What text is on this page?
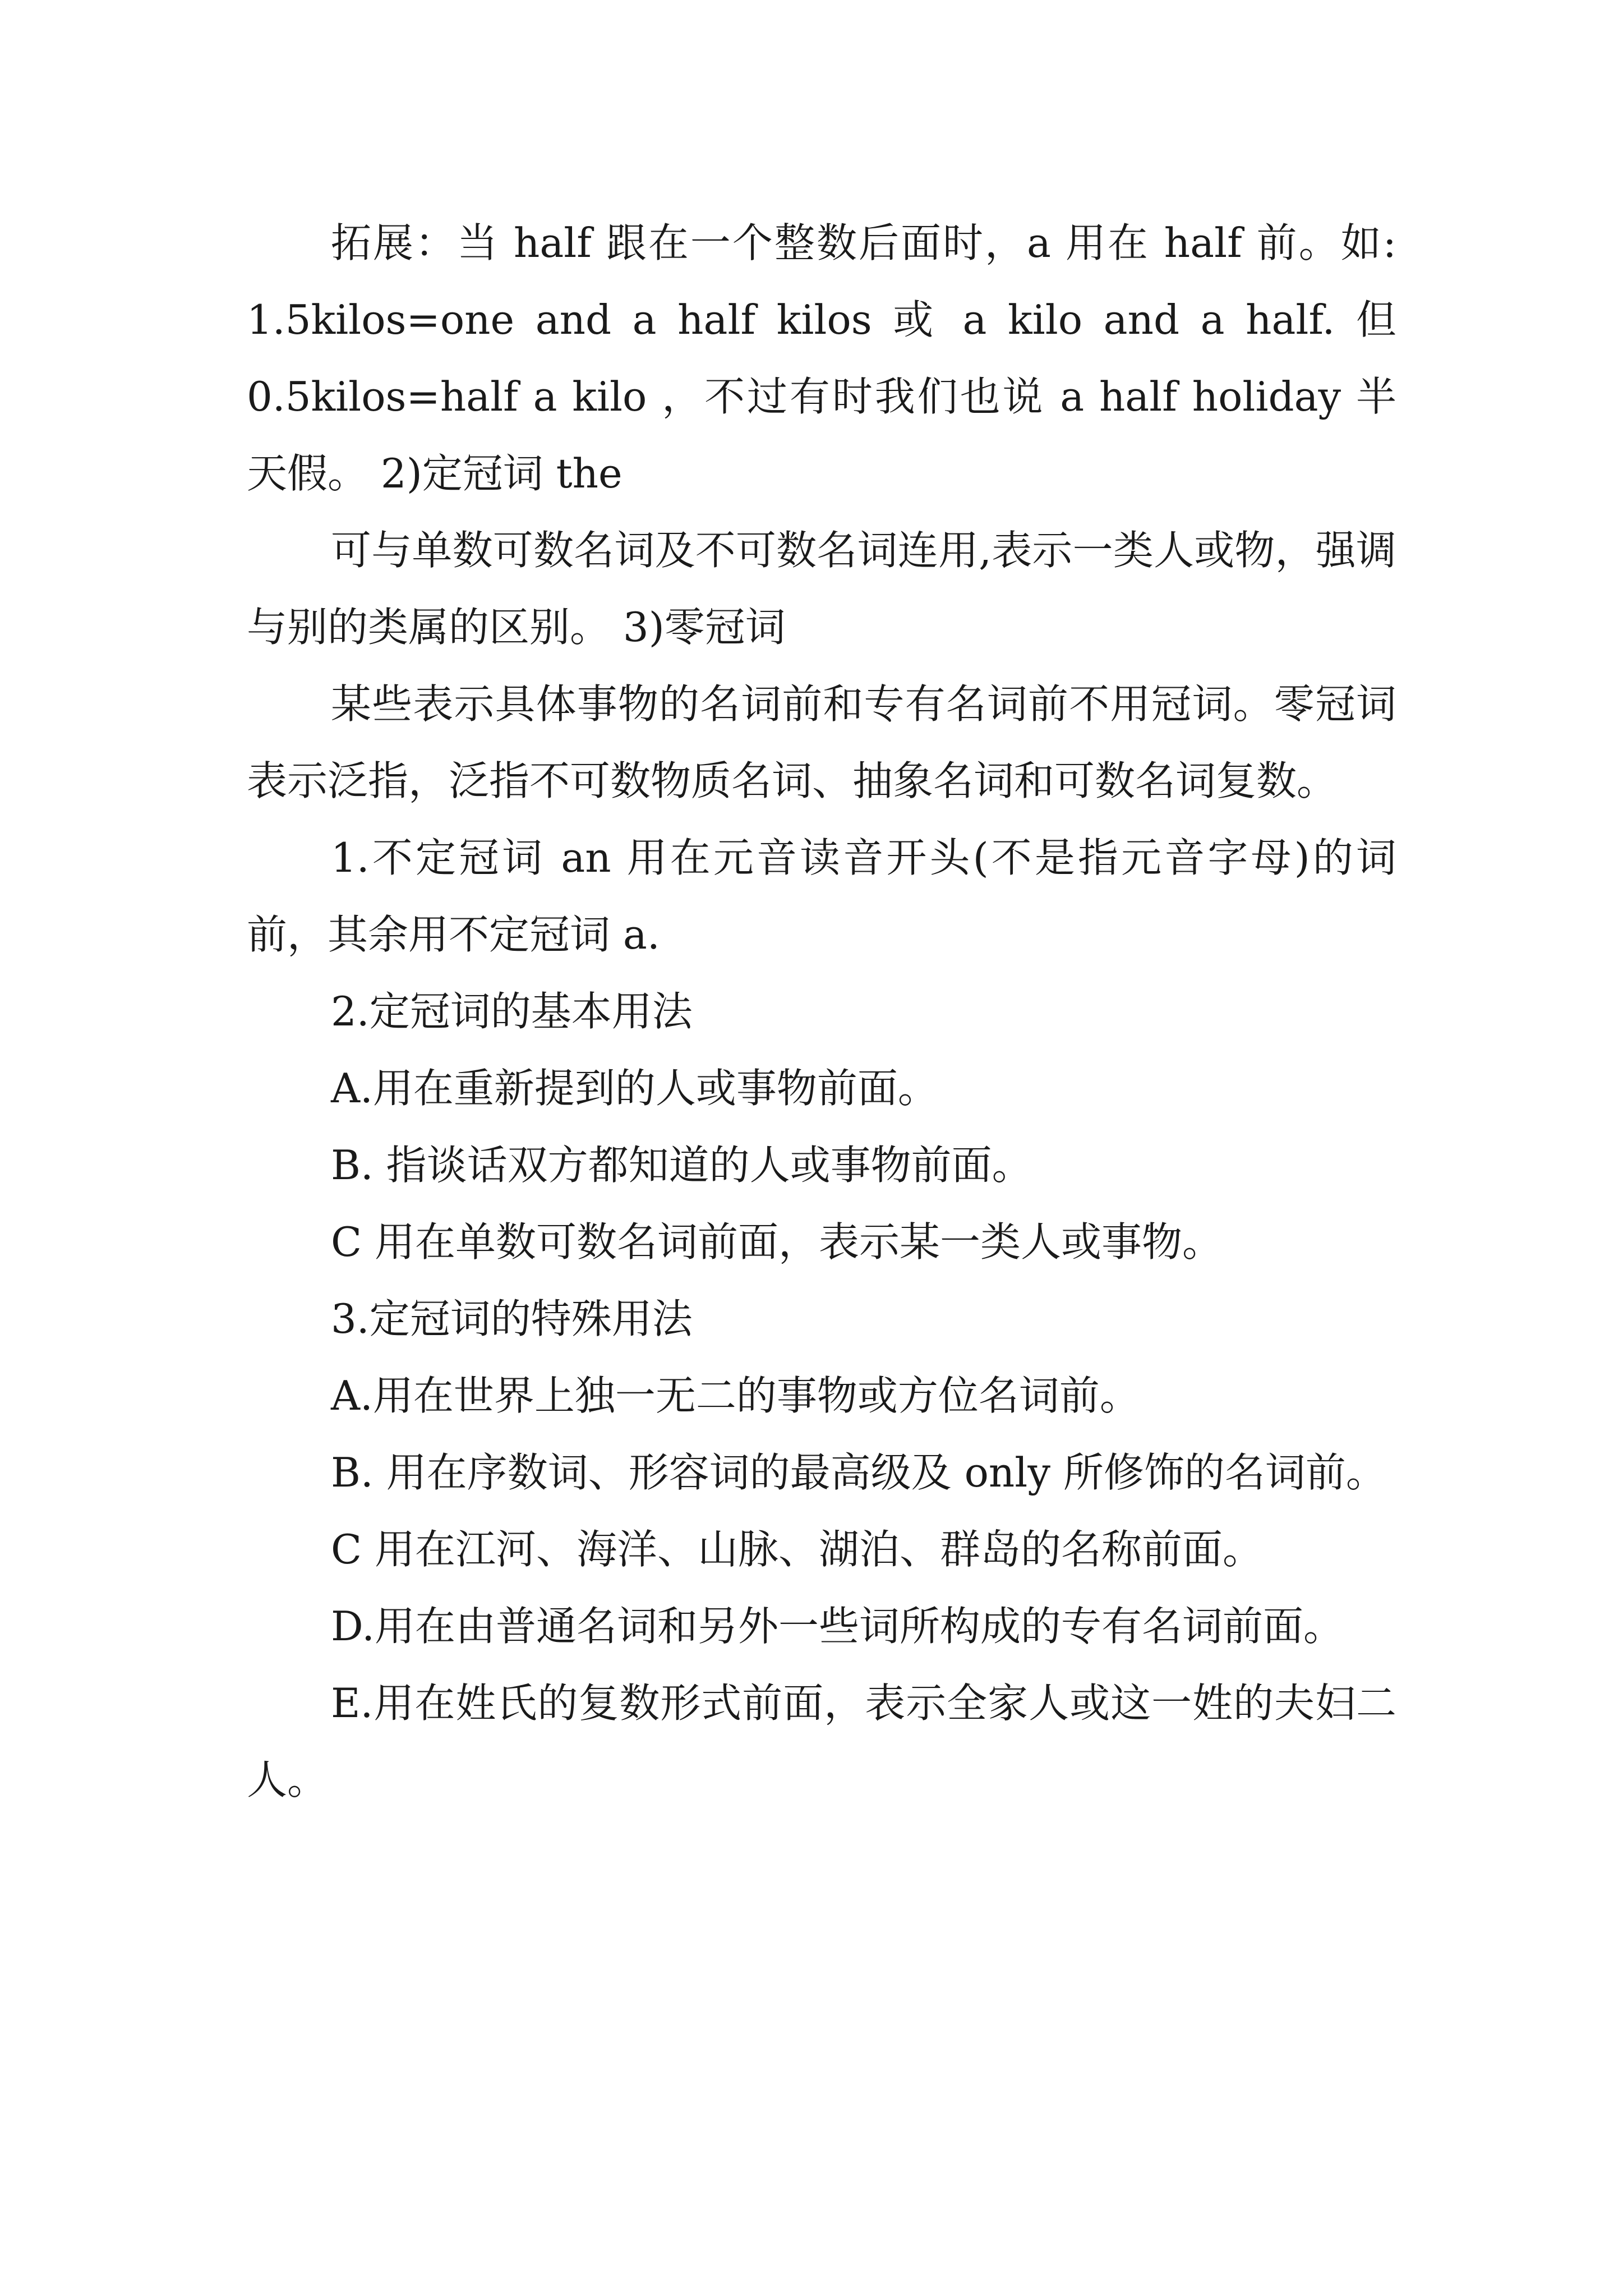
拓展：当 half 跟在一个整数后面时，a 用在 half 前。如: 1.5kilos=one and a half kilos 或 a kilo and a half. 但 0.5kilos=half a kilo ，不过有时我们也说 a half holiday 半天假。 2)定冠词 the

可与单数可数名词及不可数名词连用,表示一类人或物，强调与别的类属的区别。 3)零冠词

某些表示具体事物的名词前和专有名词前不用冠词。零冠词表示泛指，泛指不可数物质名词、抽象名词和可数名词复数。

1.不定冠词 an 用在元音读音开头(不是指元音字母)的词前，其余用不定冠词 a.

2.定冠词的基本用法

A.用在重新提到的人或事物前面。

B. 指谈话双方都知道的人或事物前面。

C 用在单数可数名词前面，表示某一类人或事物。

3.定冠词的特殊用法

A.用在世界上独一无二的事物或方位名词前。

B. 用在序数词、形容词的最高级及 only 所修饰的名词前。

C 用在江河、海洋、山脉、湖泊、群岛的名称前面。

D.用在由普通名词和另外一些词所构成的专有名词前面。

E.用在姓氏的复数形式前面，表示全家人或这一姓的夫妇二人。
